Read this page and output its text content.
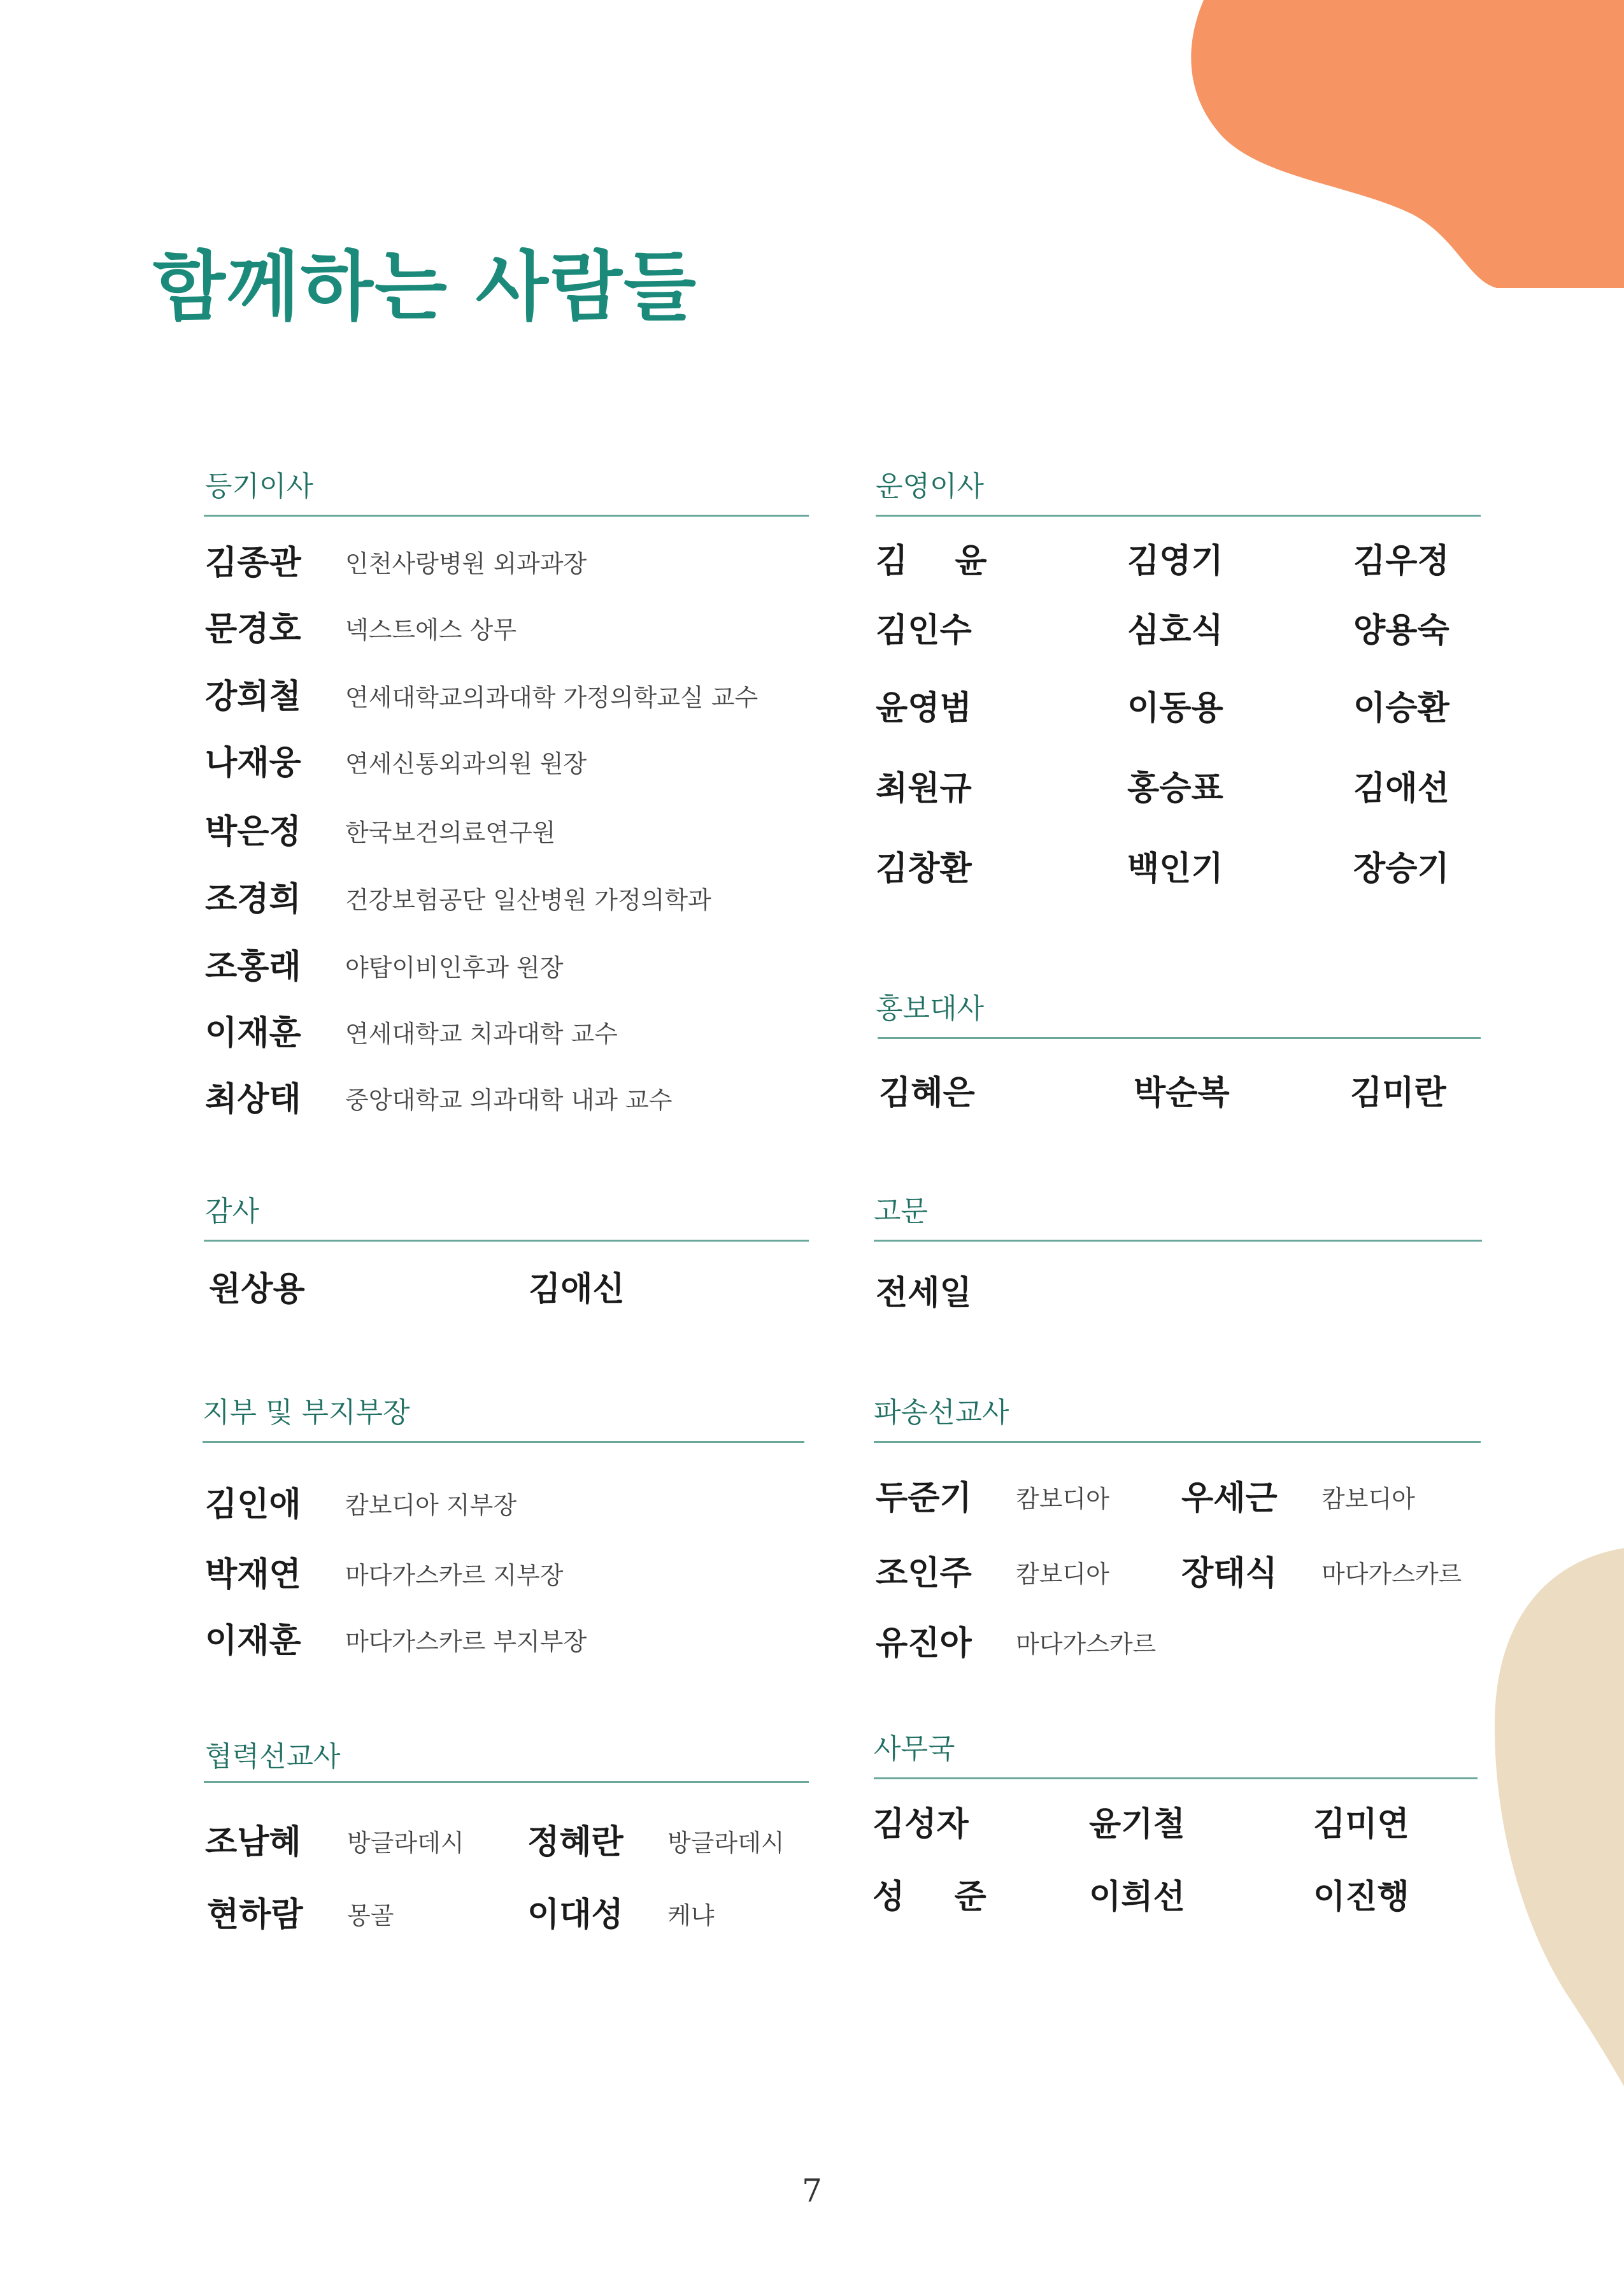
함께하는 사람들
등기이사
김종관 인천사랑병원 외과과장
문경호 넥스트에스 상무
강희철 연세대학교의과대학 가정의학교실 교수
나재웅 연세신통외과의원 원장
박은정 한국보건의료연구원
조경희 건강보험공단 일산병원 가정의학과
조홍래 야탑이비인후과 원장
이재훈 연세대학교 치과대학 교수
최상태 중앙대학교 의과대학 내과 교수
운영이사
김 윤	김영기	김우정
김인수	심호식	양용숙
윤영범	이동용	이승환
최원규	홍승표	김애선
김창환	백인기	장승기
홍보대사
김혜은	박순복	김미란
감사
원상용	김애신
고문
전세일
지부 및 부지부장
김인애 캄보디아 지부장
박재연 마다가스카르 지부장
이재훈 마다가스카르 부지부장
파송선교사
두준기 캄보디아 우세근 캄보디아
조인주 캄보디아 장태식 마다가스카르
유진아 마다가스카르
협력선교사
조남혜 방글라데시 정혜란 방글라데시
현하람 몽골	이대성 케냐
사무국
김성자	윤기철	김미연
성 준	이희선	이진행
7
